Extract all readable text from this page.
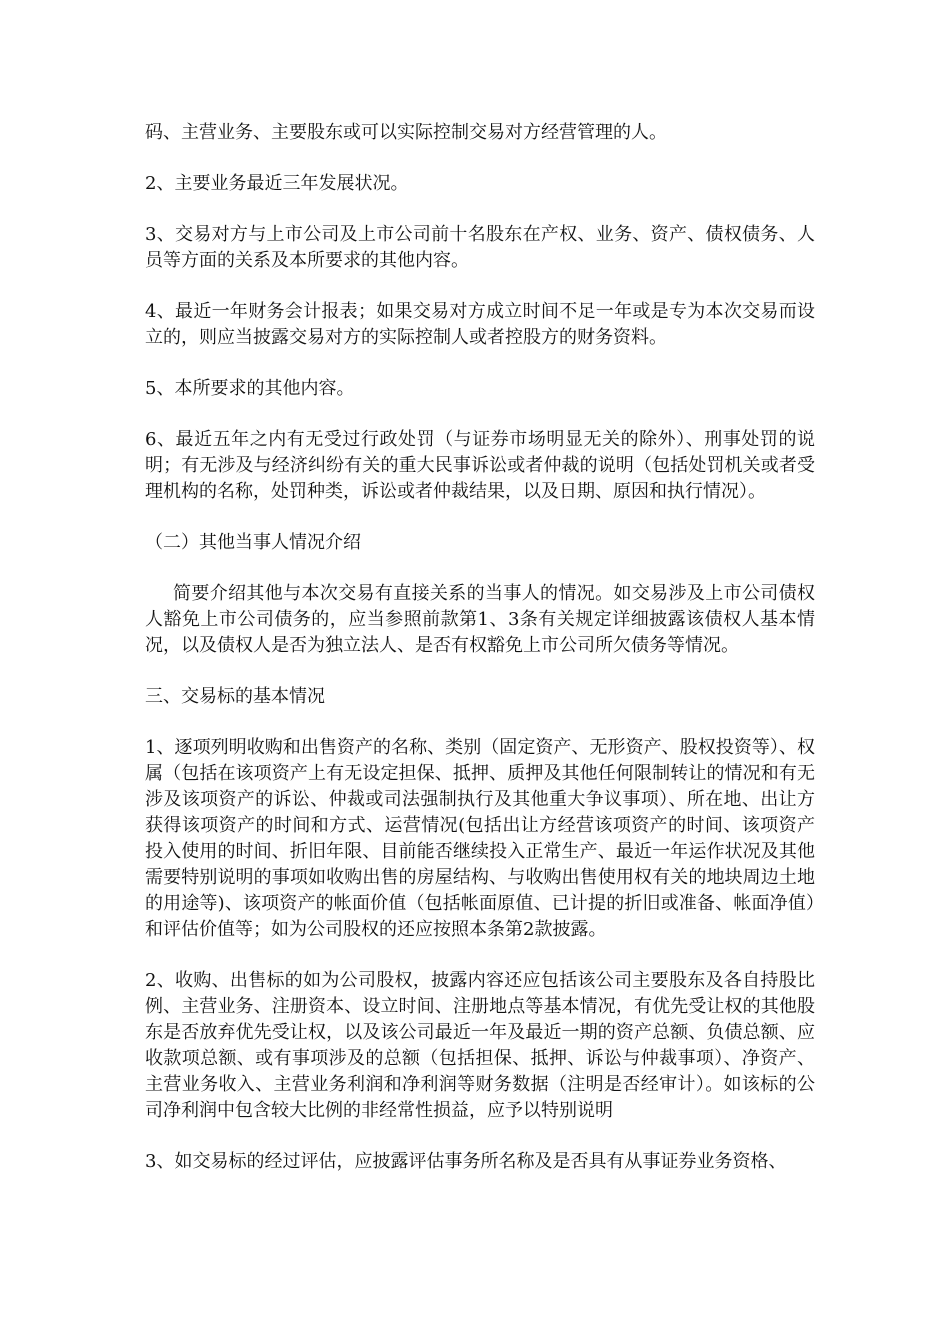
码、主营业务、主要股东或可以实际控制交易对方经营管理的人。

2、主要业务最近三年发展状况。

3、交易对方与上市公司及上市公司前十名股东在产权、业务、资产、债权债务、人员等方面的关系及本所要求的其他内容。

4、最近一年财务会计报表；如果交易对方成立时间不足一年或是专为本次交易而设立的，则应当披露交易对方的实际控制人或者控股方的财务资料。

5、本所要求的其他内容。

6、最近五年之内有无受过行政处罚（与证券市场明显无关的除外）、刑事处罚的说明；有无涉及与经济纠纷有关的重大民事诉讼或者仲裁的说明（包括处罚机关或者受理机构的名称，处罚种类，诉讼或者仲裁结果，以及日期、原因和执行情况）。

（二）其他当事人情况介绍

简要介绍其他与本次交易有直接关系的当事人的情况。如交易涉及上市公司债权人豁免上市公司债务的，应当参照前款第1、3条有关规定详细披露该债权人基本情况，以及债权人是否为独立法人、是否有权豁免上市公司所欠债务等情况。

三、交易标的基本情况

1、逐项列明收购和出售资产的名称、类别（固定资产、无形资产、股权投资等）、权属（包括在该项资产上有无设定担保、抵押、质押及其他任何限制转让的情况和有无涉及该项资产的诉讼、仲裁或司法强制执行及其他重大争议事项）、所在地、出让方获得该项资产的时间和方式、运营情况(包括出让方经营该项资产的时间、该项资产投入使用的时间、折旧年限、目前能否继续投入正常生产、最近一年运作状况及其他需要特别说明的事项如收购出售的房屋结构、与收购出售使用权有关的地块周边土地的用途等)、该项资产的帐面价值（包括帐面原值、已计提的折旧或准备、帐面净值）和评估价值等；如为公司股权的还应按照本条第2款披露。

2、收购、出售标的如为公司股权，披露内容还应包括该公司主要股东及各自持股比例、主营业务、注册资本、设立时间、注册地点等基本情况，有优先受让权的其他股东是否放弃优先受让权，以及该公司最近一年及最近一期的资产总额、负债总额、应收款项总额、或有事项涉及的总额（包括担保、抵押、诉讼与仲裁事项）、净资产、主营业务收入、主营业务利润和净利润等财务数据（注明是否经审计）。如该标的公司净利润中包含较大比例的非经常性损益，应予以特别说明

3、如交易标的经过评估，应披露评估事务所名称及是否具有从事证券业务资格、
